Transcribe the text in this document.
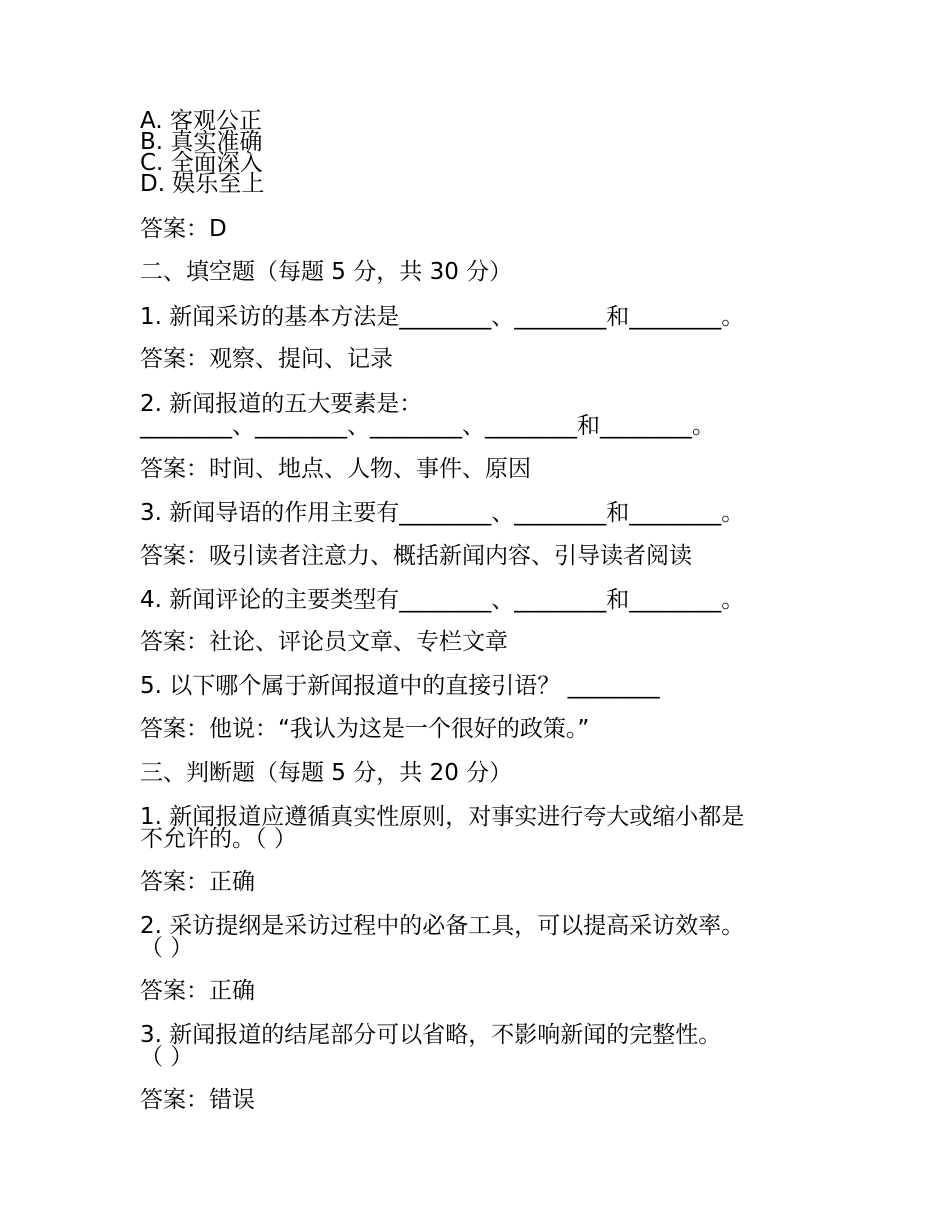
A. 客观公正
B. 真实准确
C. 全面深入
D. 娱乐至上
答案：D
二、填空题（每题 5 分，共 30 分）
1. 新闻采访的基本方法是________、________和________。
答案：观察、提问、记录
2. 新闻报道的五大要素是：
________、________、________、________和________。
答案：时间、地点、人物、事件、原因
3. 新闻导语的作用主要有________、________和________。
答案：吸引读者注意力、概括新闻内容、引导读者阅读
4. 新闻评论的主要类型有________、________和________。
答案：社论、评论员文章、专栏文章
5. 以下哪个属于新闻报道中的直接引语？ ________
答案：他说：“我认为这是一个很好的政策。”
三、判断题（每题 5 分，共 20 分）
1. 新闻报道应遵循真实性原则，对事实进行夸大或缩小都是
不允许的。（ ）
答案：正确
2. 采访提纲是采访过程中的必备工具，可以提高采访效率。
（ ）
答案：正确
3. 新闻报道的结尾部分可以省略，不影响新闻的完整性。
（ ）
答案：错误
